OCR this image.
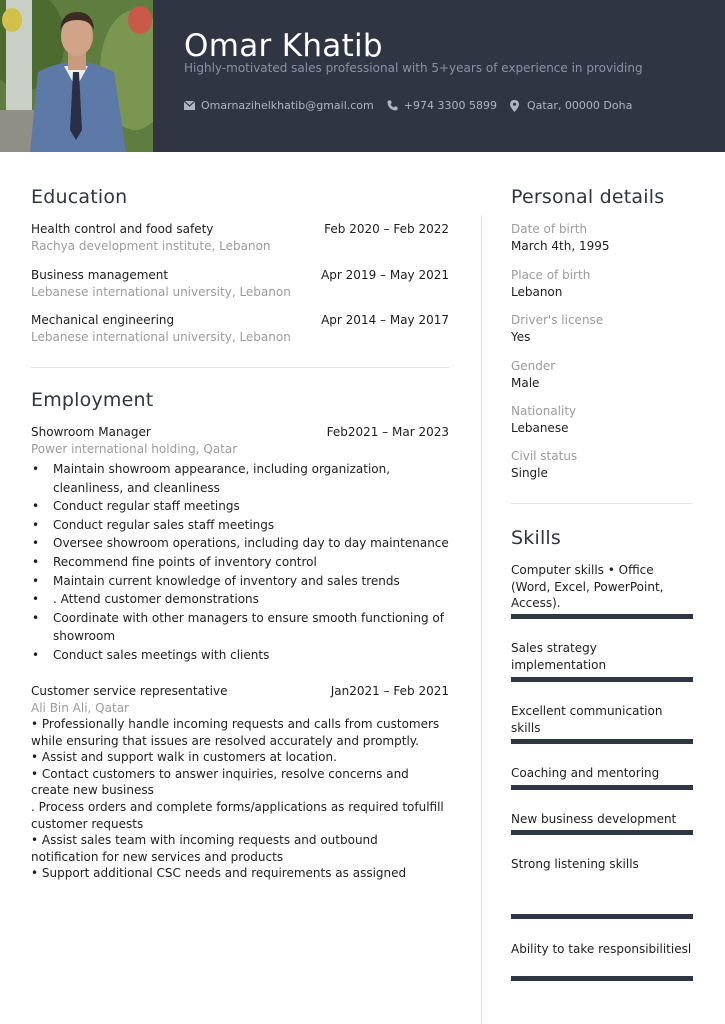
Omar Khatib
Highly-motivated sales professional with 5+years of experience in providing
Omarnazihelkhatib@gmail.com	+974 3300 5899	Qatar, 00000 Doha
Education
Health control and food safety	Feb 2020 – Feb 2022
Rachya development institute, Lebanon
Business management	Apr 2019 – May 2021
Lebanese international university, Lebanon
Mechanical engineering	Apr 2014 – May 2017
Lebanese international university, Lebanon
Employment
Showroom Manager	Feb2021 – Mar 2023
Power international holding, Qatar
• Maintain showroom appearance, including organization,
cleanliness, and cleanliness
• Conduct regular staff meetings
• Conduct regular sales staff meetings
• Oversee showroom operations, including day to day maintenance
• Recommend fine points of inventory control
• Maintain current knowledge of inventory and sales trends
• . Attend customer demonstrations
• Coordinate with other managers to ensure smooth functioning of
showroom
• Conduct sales meetings with clients
Customer service representative	Jan2021 – Feb 2021
Ali Bin Ali, Qatar
• Professionally handle incoming requests and calls from customers
while ensuring that issues are resolved accurately and promptly.
• Assist and support walk in customers at location.
• Contact customers to answer inquiries, resolve concerns and
create new business
. Process orders and complete forms/applications as required tofulfill
customer requests
• Assist sales team with incoming requests and outbound
notification for new services and products
• Support additional CSC needs and requirements as assigned
Personal details
Date of birth
March 4th, 1995
Place of birth
Lebanon
Driver's license
Yes
Gender
Male
Nationality
Lebanese
Civil status
Single
Skills
Computer skills • Office (Word, Excel, PowerPoint, Access).
Sales strategy implementation
Excellent communication skills
Coaching and mentoring
New business development
Strong listening skills
Ability to take responsibilitiesl
